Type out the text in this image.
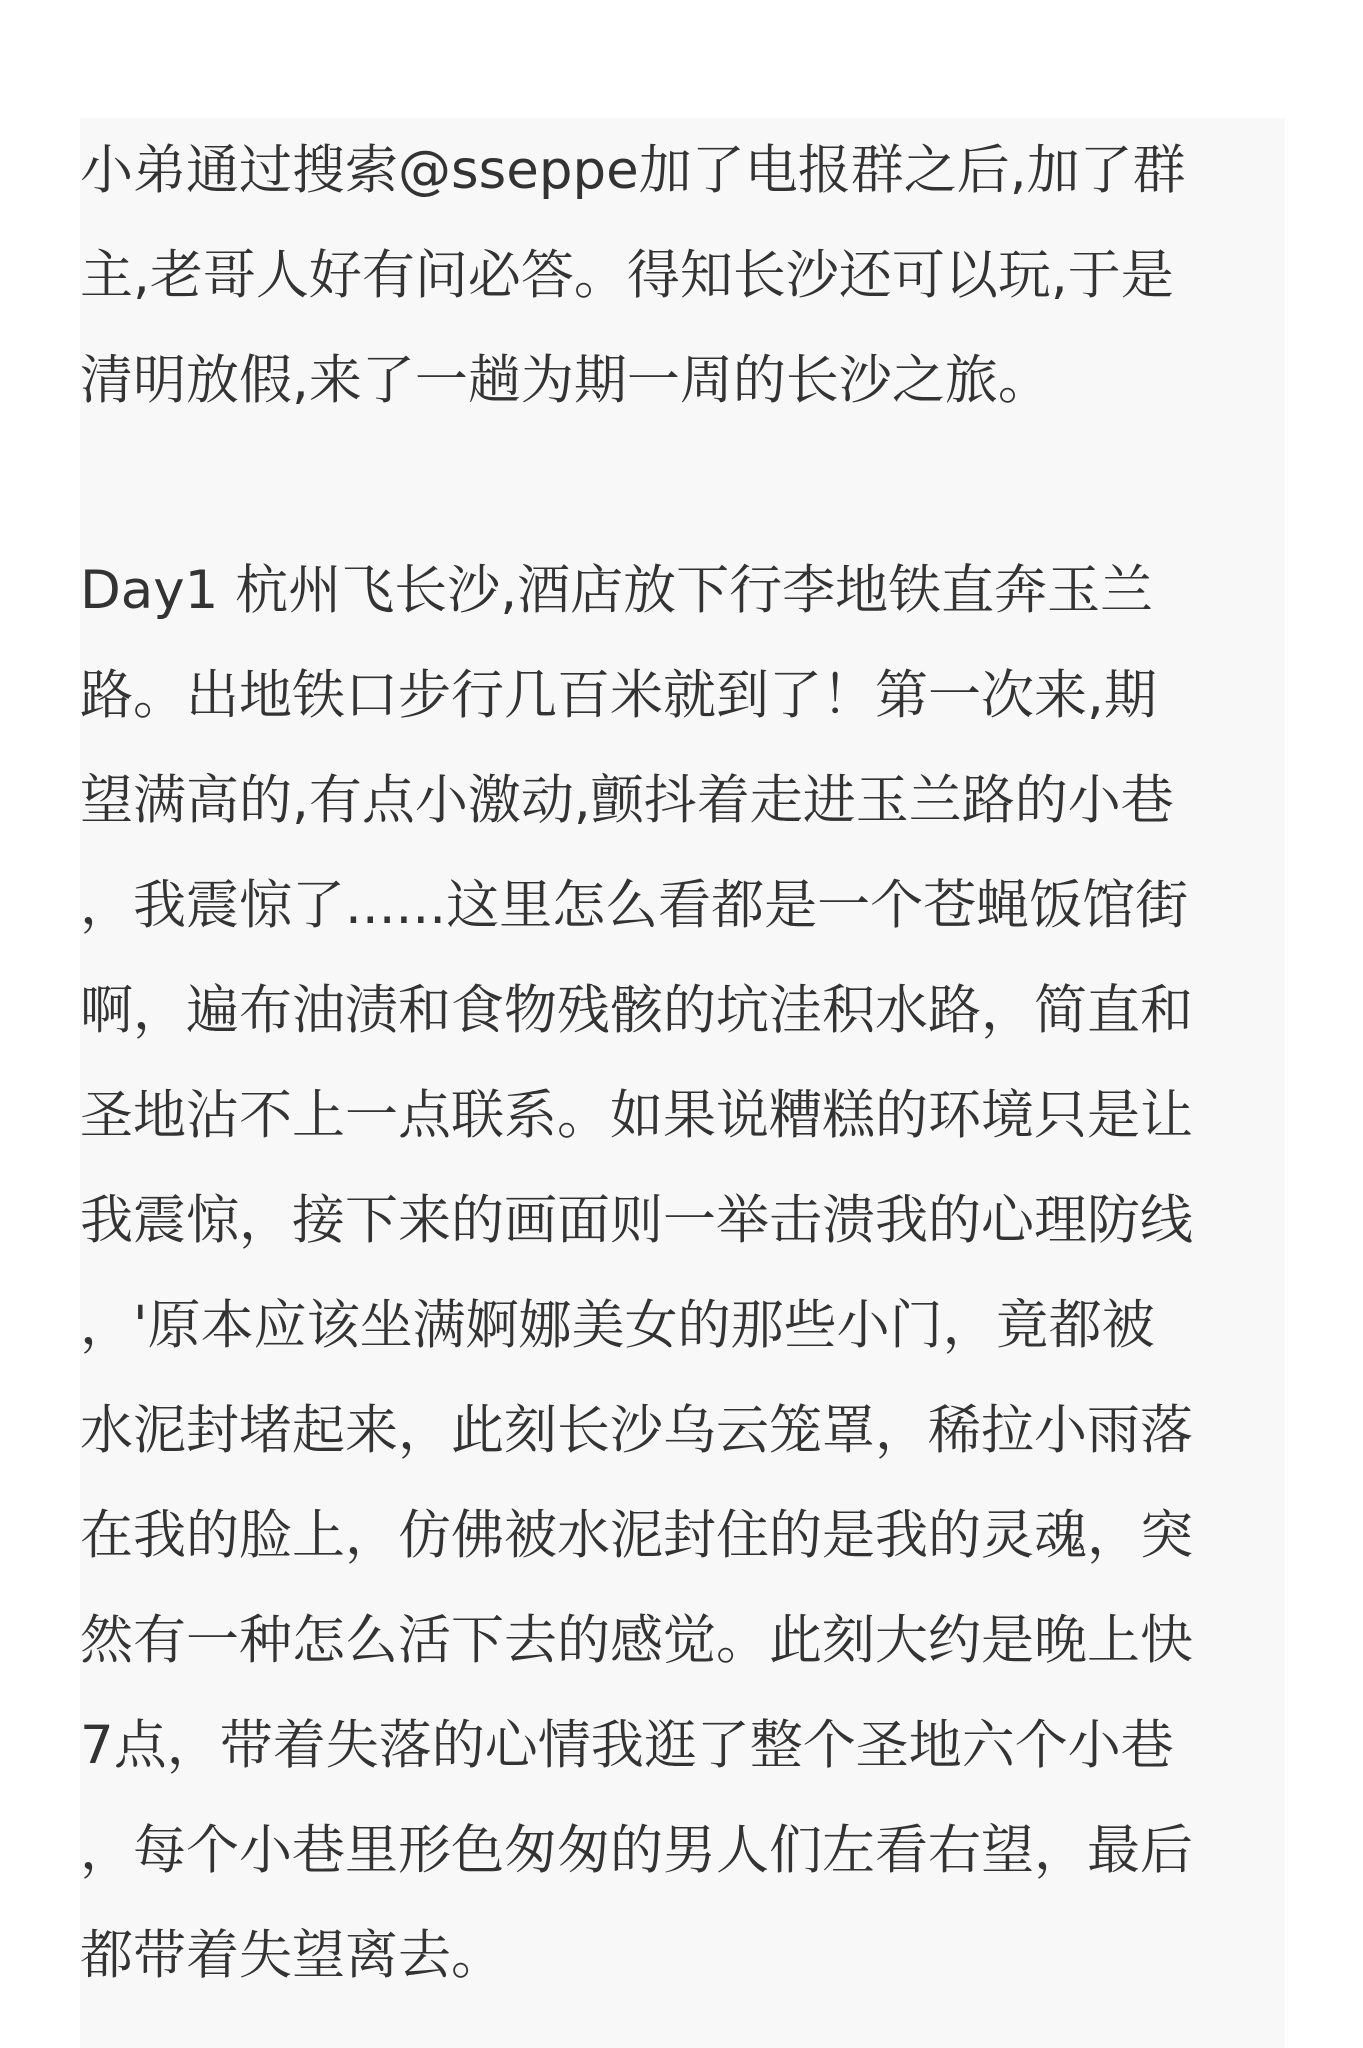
小弟通过搜索@sseppe加了电报群之后,加了群
主,老哥人好有问必答。得知长沙还可以玩,于是
清明放假,来了一趟为期一周的长沙之旅。
Day1 杭州飞长沙,酒店放下行李地铁直奔玉兰
路。出地铁口步行几百米就到了！第一次来,期
望满高的,有点小激动,颤抖着走进玉兰路的小巷
，我震惊了......这里怎么看都是一个苍蝇饭馆街
啊，遍布油渍和食物残骸的坑洼积水路，简直和
圣地沾不上一点联系。如果说糟糕的环境只是让
我震惊，接下来的画面则一举击溃我的心理防线
，'原本应该坐满婀娜美女的那些小门，竟都被
水泥封堵起来，此刻长沙乌云笼罩，稀拉小雨落
在我的脸上，仿佛被水泥封住的是我的灵魂，突
然有一种怎么活下去的感觉。此刻大约是晚上快
7点，带着失落的心情我逛了整个圣地六个小巷
，每个小巷里形色匆匆的男人们左看右望，最后
都带着失望离去。
